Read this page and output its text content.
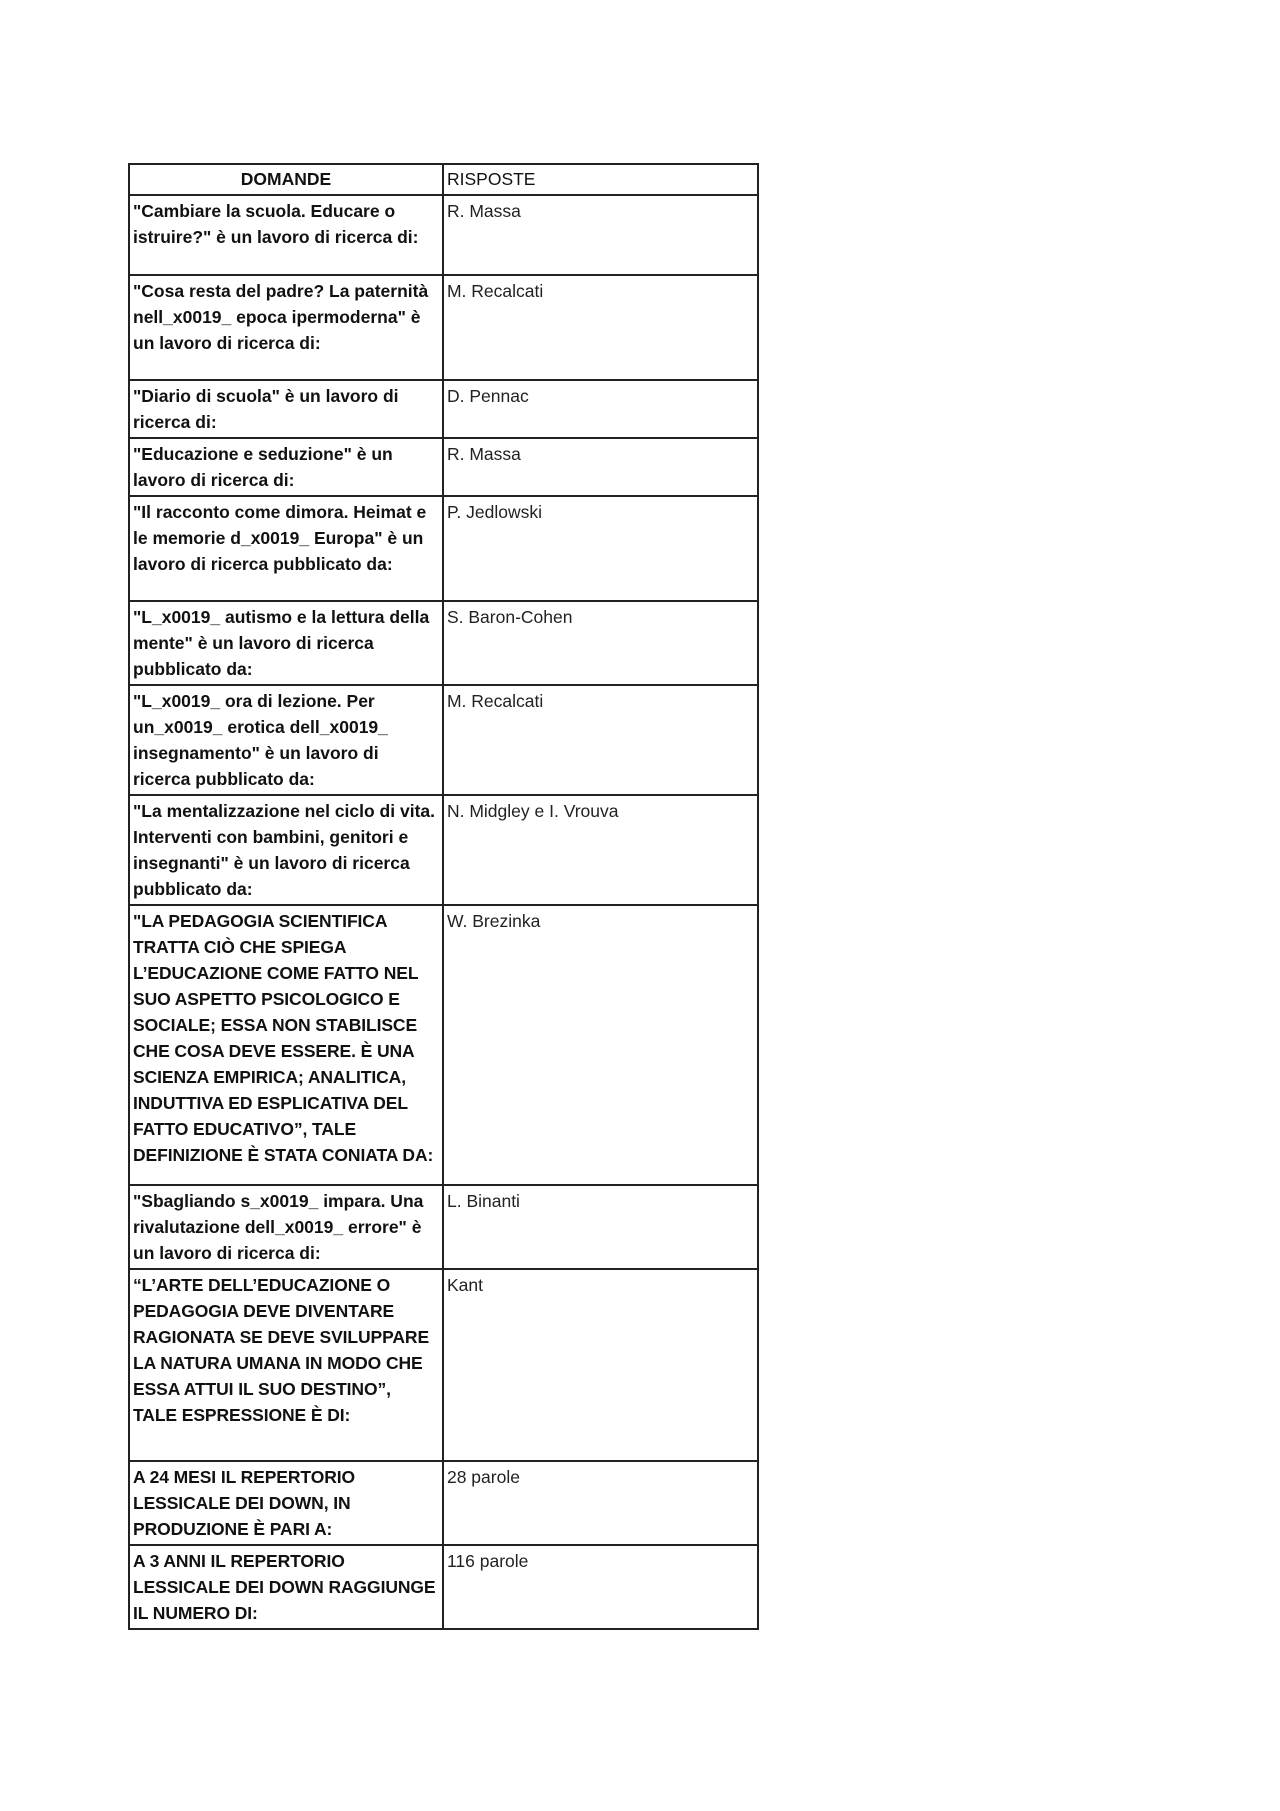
DOMANDE	RISPOSTE
"Cambiare la scuola. Educare o istruire?" è un lavoro di ricerca di:	R. Massa
"Cosa resta del padre? La paternità nell_x0019_ epoca ipermoderna" è un lavoro di ricerca di:	M. Recalcati
"Diario di scuola" è un lavoro di ricerca di:	D. Pennac
"Educazione e seduzione" è un lavoro di ricerca di:	R. Massa
"Il racconto come dimora. Heimat e le memorie d_x0019_ Europa" è un lavoro di ricerca pubblicato da:	P. Jedlowski
"L_x0019_ autismo e la lettura della mente" è un lavoro di ricerca pubblicato da:	S. Baron-Cohen
"L_x0019_ ora di lezione. Per un_x0019_ erotica dell_x0019_ insegnamento" è un lavoro di ricerca pubblicato da:	M. Recalcati
"La mentalizzazione nel ciclo di vita. Interventi con bambini, genitori e insegnanti" è un lavoro di ricerca pubblicato da:	N. Midgley e I. Vrouva
"LA PEDAGOGIA SCIENTIFICA TRATTA CIÒ CHE SPIEGA L’EDUCAZIONE COME FATTO NEL SUO ASPETTO PSICOLOGICO E SOCIALE; ESSA NON STABILISCE CHE COSA DEVE ESSERE. È UNA SCIENZA EMPIRICA; ANALITICA, INDUTTIVA ED ESPLICATIVA DEL FATTO EDUCATIVO”, TALE DEFINIZIONE È STATA CONIATA DA:	W. Brezinka
"Sbagliando s_x0019_ impara. Una rivalutazione dell_x0019_ errore" è un lavoro di ricerca di:	L. Binanti
“L’ARTE DELL’EDUCAZIONE O PEDAGOGIA DEVE DIVENTARE RAGIONATA SE DEVE SVILUPPARE LA NATURA UMANA IN MODO CHE ESSA ATTUI IL SUO DESTINO”, TALE ESPRESSIONE È DI:	Kant
A 24 MESI IL REPERTORIO LESSICALE DEI DOWN, IN PRODUZIONE È PARI A:	28 parole
A 3 ANNI IL REPERTORIO LESSICALE DEI DOWN RAGGIUNGE IL NUMERO DI:	116 parole
